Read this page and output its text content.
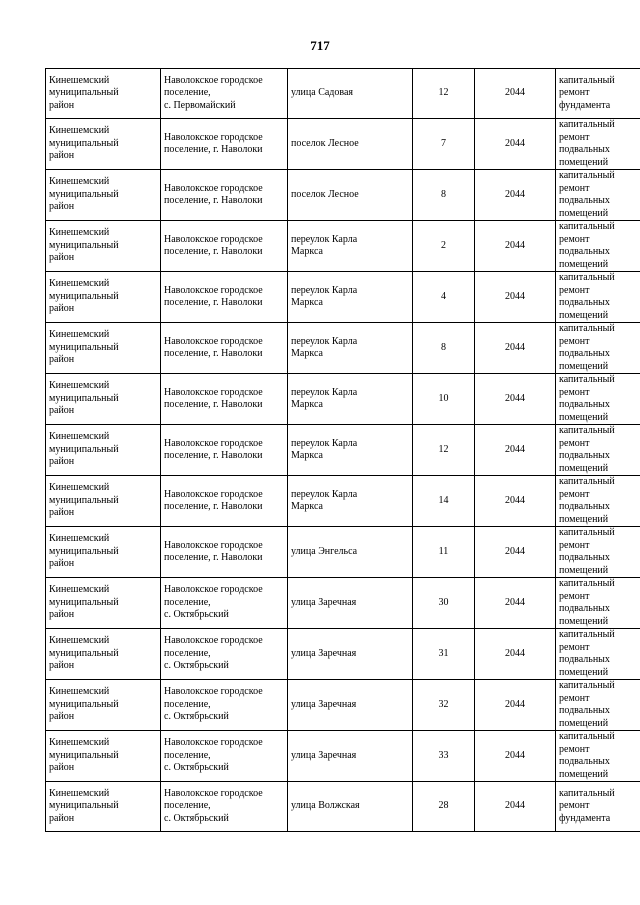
717
Кинешемский
муниципальный
район	Наволокское городское
поселение,
с. Первомайский	улица Садовая	12	2044	капитальный
ремонт
фундамента
Кинешемский
муниципальный
район	Наволокское городское
поселение, г. Наволоки	поселок Лесное	7	2044	капитальный
ремонт
подвальных
помещений
Кинешемский
муниципальный
район	Наволокское городское
поселение, г. Наволоки	поселок Лесное	8	2044	капитальный
ремонт
подвальных
помещений
Кинешемский
муниципальный
район	Наволокское городское
поселение, г. Наволоки	переулок Карла
Маркса	2	2044	капитальный
ремонт
подвальных
помещений
Кинешемский
муниципальный
район	Наволокское городское
поселение, г. Наволоки	переулок Карла
Маркса	4	2044	капитальный
ремонт
подвальных
помещений
Кинешемский
муниципальный
район	Наволокское городское
поселение, г. Наволоки	переулок Карла
Маркса	8	2044	капитальный
ремонт
подвальных
помещений
Кинешемский
муниципальный
район	Наволокское городское
поселение, г. Наволоки	переулок Карла
Маркса	10	2044	капитальный
ремонт
подвальных
помещений
Кинешемский
муниципальный
район	Наволокское городское
поселение, г. Наволоки	переулок Карла
Маркса	12	2044	капитальный
ремонт
подвальных
помещений
Кинешемский
муниципальный
район	Наволокское городское
поселение, г. Наволоки	переулок Карла
Маркса	14	2044	капитальный
ремонт
подвальных
помещений
Кинешемский
муниципальный
район	Наволокское городское
поселение, г. Наволоки	улица Энгельса	11	2044	капитальный
ремонт
подвальных
помещений
Кинешемский
муниципальный
район	Наволокское городское
поселение,
с. Октябрьский	улица Заречная	30	2044	капитальный
ремонт
подвальных
помещений
Кинешемский
муниципальный
район	Наволокское городское
поселение,
с. Октябрьский	улица Заречная	31	2044	капитальный
ремонт
подвальных
помещений
Кинешемский
муниципальный
район	Наволокское городское
поселение,
с. Октябрьский	улица Заречная	32	2044	капитальный
ремонт
подвальных
помещений
Кинешемский
муниципальный
район	Наволокское городское
поселение,
с. Октябрьский	улица Заречная	33	2044	капитальный
ремонт
подвальных
помещений
Кинешемский
муниципальный
район	Наволокское городское
поселение,
с. Октябрьский	улица Волжская	28	2044	капитальный
ремонт
фундамента
